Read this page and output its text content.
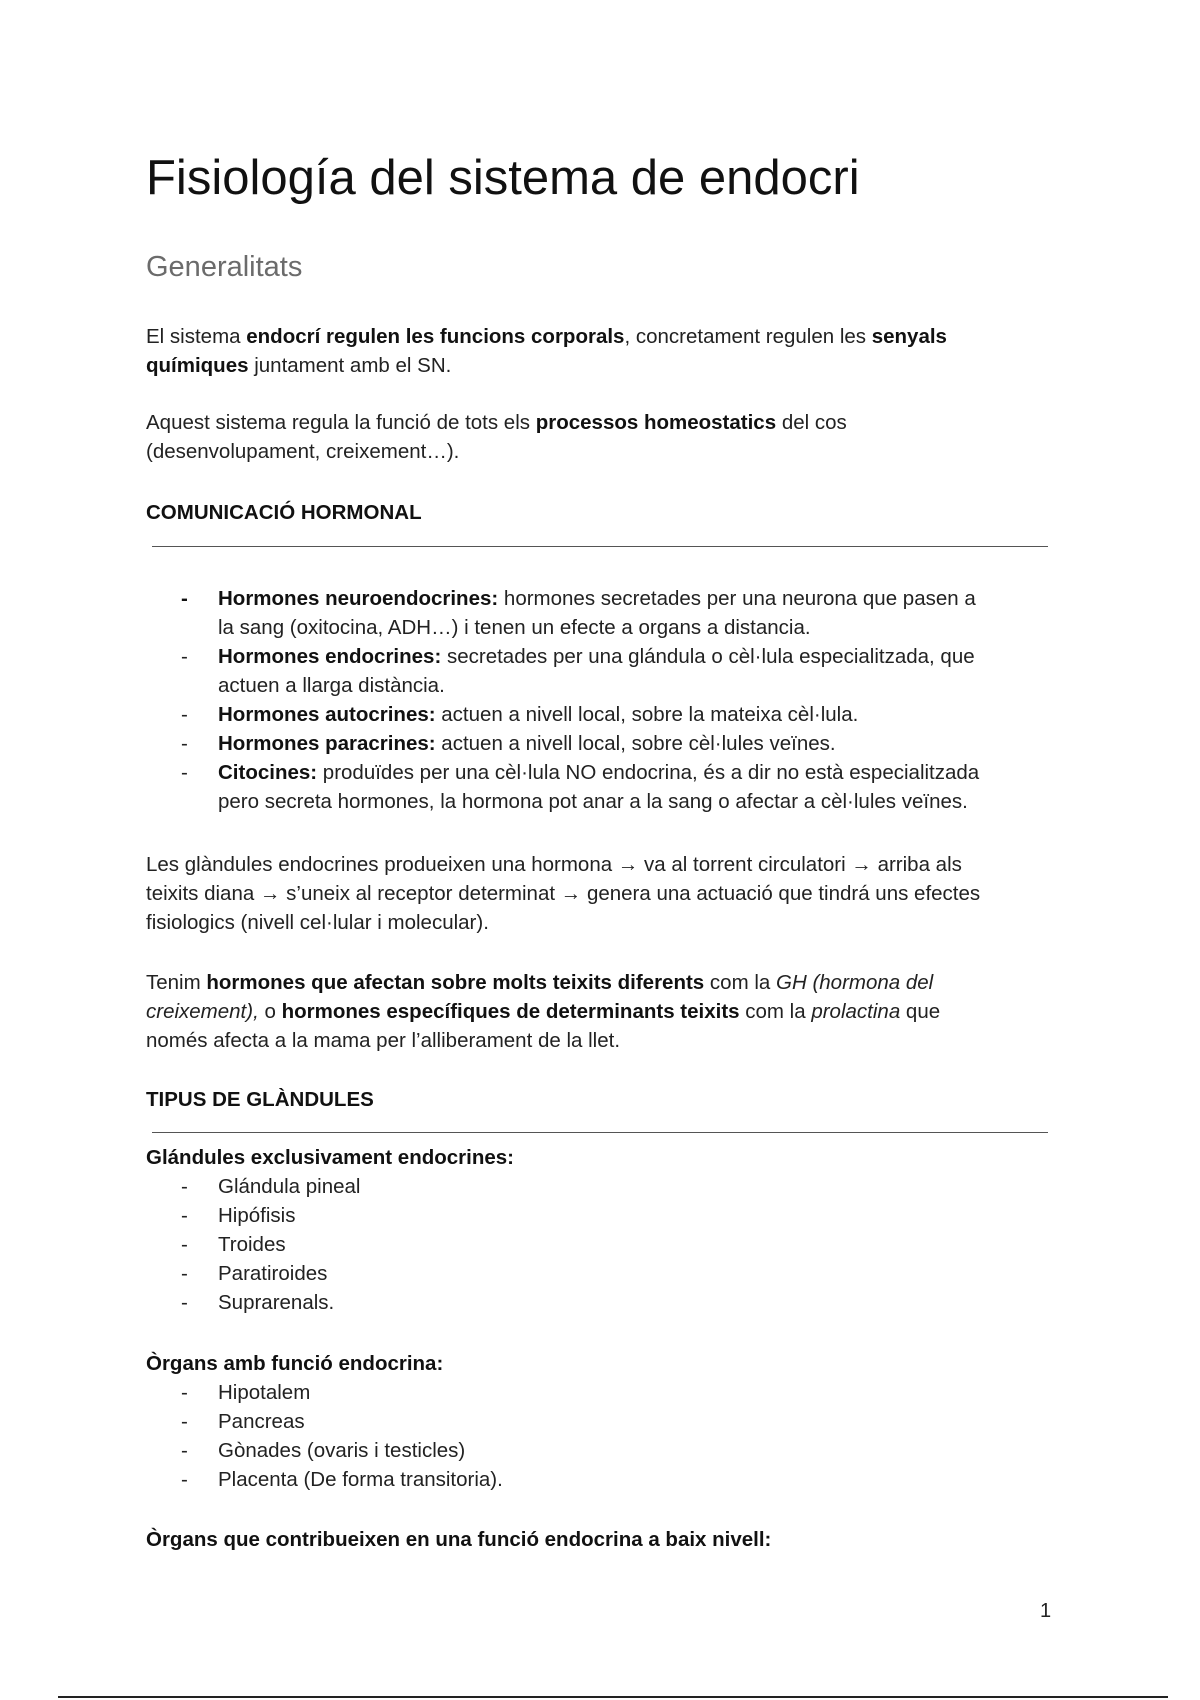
Fisiología del sistema de endocri
Generalitats
El sistema endocrí regulen les funcions corporals, concretament regulen les senyals
químiques juntament amb el SN.
Aquest sistema regula la funció de tots els processos homeostatics del cos
(desenvolupament, creixement…).
COMUNICACIÓ HORMONAL
- Hormones neuroendocrines: hormones secretades per una neurona que pasen a
la sang (oxitocina, ADH…) i tenen un efecte a organs a distancia.
- Hormones endocrines: secretades per una glándula o cèl·lula especialitzada, que
actuen a llarga distància.
- Hormones autocrines: actuen a nivell local, sobre la mateixa cèl·lula.
- Hormones paracrines: actuen a nivell local, sobre cèl·lules veïnes.
- Citocines: produïdes per una cèl·lula NO endocrina, és a dir no està especialitzada
pero secreta hormones, la hormona pot anar a la sang o afectar a cèl·lules veïnes.
Les glàndules endocrines produeixen una hormona → va al torrent circulatori → arriba als
teixits diana → s’uneix al receptor determinat → genera una actuació que tindrá uns efectes
fisiologics (nivell cel·lular i molecular).
Tenim hormones que afectan sobre molts teixits diferents com la GH (hormona del
creixement), o hormones específiques de determinants teixits com la prolactina que
només afecta a la mama per l’alliberament de la llet.
TIPUS DE GLÀNDULES
Glándules exclusivament endocrines:
- Glándula pineal
- Hipófisis
- Troides
- Paratiroides
- Suprarenals.
Òrgans amb funció endocrina:
- Hipotalem
- Pancreas
- Gònades (ovaris i testicles)
- Placenta (De forma transitoria).
Òrgans que contribueixen en una funció endocrina a baix nivell:
1
